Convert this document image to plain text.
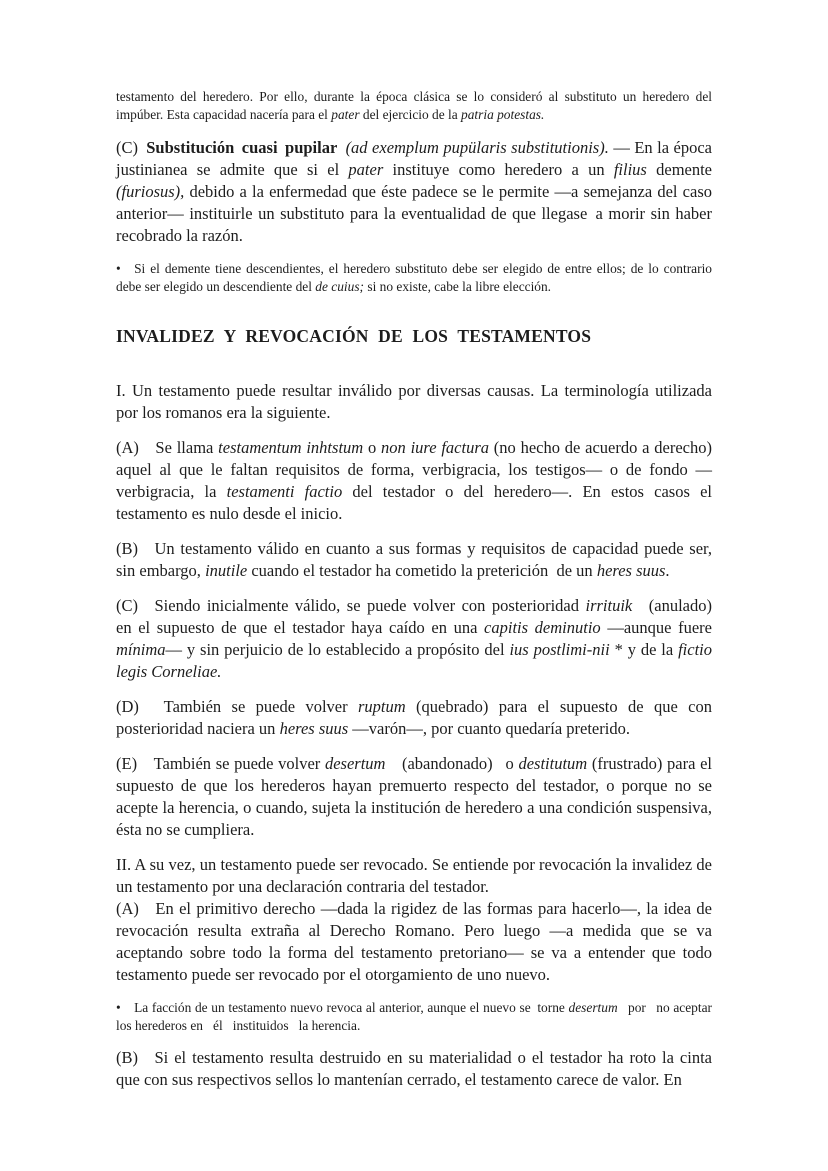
testamento del heredero. Por ello, durante la época clásica se lo consideró al substituto un heredero del impúber. Esta capacidad nacería para el pater del ejercicio de la patria potestas.

(C) Substitución cuasi pupilar  (ad exemplum pupülaris substitutionis). — En la época justinianea se admite que si el pater instituye como heredero a un filius demente (furiosus), debido a la enfermedad que éste padece se le permite —a semejanza del caso anterior— instituirle un substituto para la eventualidad de que llegase a morir sin haber recobrado la razón.

•  Si el demente tiene descendientes, el heredero substituto debe ser elegido de entre ellos; de lo contrario debe ser elegido un descendiente del de cuius; si no existe, cabe la libre elección.

INVALIDEZ Y REVOCACIÓN DE LOS TESTAMENTOS

I. Un testamento puede resultar inválido por diversas causas. La terminología utilizada por los romanos era la siguiente.

(A)  Se llama testamentum inhtstum o non iure factura (no hecho de acuerdo a derecho) aquel al que le faltan requisitos de forma, verbigracia, los testigos— o de fondo — verbigracia, la testamenti factio del testador o del heredero—. En estos casos el testamento es nulo desde el inicio.

(B)  Un testamento válido en cuanto a sus formas y requisitos de capacidad puede ser, sin embargo, inutile cuando el testador ha cometido la preterición de un heres suus.

(C)  Siendo inicialmente válido, se puede volver con posterioridad irrituik  (anulado) en el supuesto de que el testador haya caído en una capitis deminutio —aunque fuere mínima— y sin perjuicio de lo establecido a propósito del ius postlimi-nii * y de la fictio legis Corneliae.

(D)   También se puede volver ruptum (quebrado) para el supuesto de que con posterioridad naciera un heres suus —varón—, por cuanto quedaría preterido.

(E)  También se puede volver desertum  (abandonado)  o destitutum (frustrado) para el supuesto de que los herederos hayan premuerto respecto del testador, o porque no se acepte la herencia, o cuando, sujeta la institución de heredero a una condición suspensiva, ésta no se cumpliera.

II. A su vez, un testamento puede ser revocado. Se entiende por revocación la invalidez de un testamento por una declaración contraria del testador.

(A)  En el primitivo derecho —dada la rigidez de las formas para hacerlo—, la idea de revocación resulta extraña al Derecho Romano. Pero luego —a medida que se va aceptando sobre todo la forma del testamento pretoriano— se va a entender que todo testamento puede ser revocado por el otorgamiento de uno nuevo.

•  La facción de un testamento nuevo revoca al anterior, aunque el nuevo se torne desertum  por  no aceptar los herederos en  él  instituidos  la herencia.

(B)  Si el testamento resulta destruido en su materialidad o el testador ha roto la cinta que con sus respectivos sellos lo mantenían cerrado, el testamento carece de valor. En
